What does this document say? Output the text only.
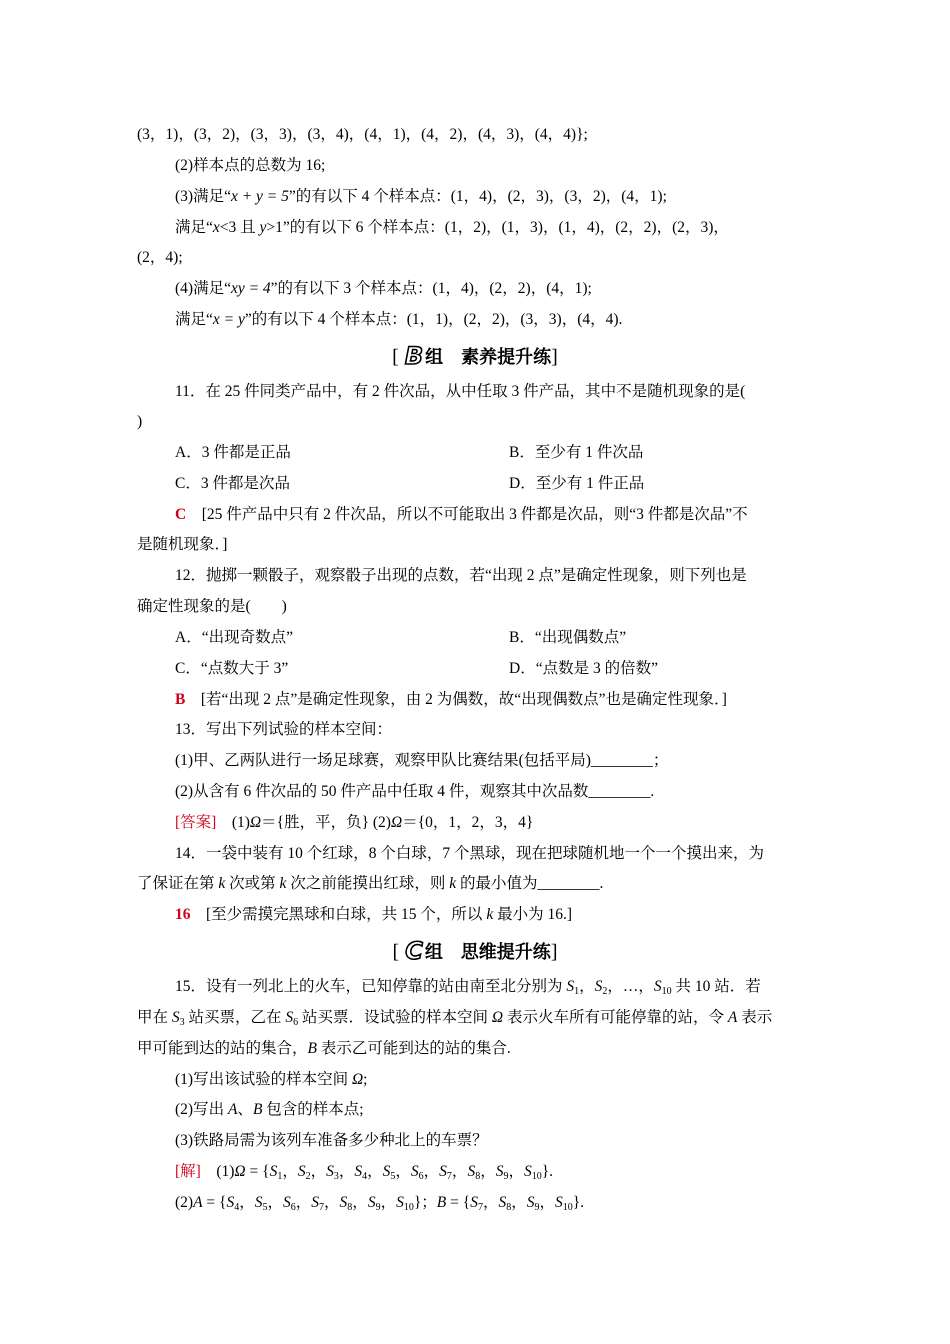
(3，1)，(3，2)，(3，3)，(3，4)，(4，1)，(4，2)，(4，3)，(4，4)};
(2)样本点的总数为 16;
(3)满足“x + y = 5”的有以下 4 个样本点：(1，4)，(2，3)，(3，2)，(4，1);
满足“x<3 且 y>1”的有以下 6 个样本点：(1，2)，(1，3)，(1，4)，(2，2)，(2，3)，
(2，4);
(4)满足“xy = 4”的有以下 3 个样本点：(1，4)，(2，2)，(4，1);
满足“x = y”的有以下 4 个样本点：(1，1)，(2，2)，(3，3)，(4，4).
[ B 组　素养提升练]
11．在 25 件同类产品中，有 2 件次品，从中任取 3 件产品，其中不是随机现象的是(
)
A．3 件都是正品	B．至少有 1 件次品
C．3 件都是次品	D．至少有 1 件正品
C　 [25 件产品中只有 2 件次品，所以不可能取出 3 件都是次品，则“3 件都是次品”不
是随机现象．]
12．抛掷一颗骰子，观察骰子出现的点数，若“出现 2 点”是确定性现象，则下列也是
确定性现象的是(　　)
A．“出现奇数点”	B．“出现偶数点”
C．“点数大于 3”	D．“点数是 3 的倍数”
B　 [若“出现 2 点”是确定性现象，由 2 为偶数，故“出现偶数点”也是确定性现象．]
13．写出下列试验的样本空间：
(1)甲、乙两队进行一场足球赛，观察甲队比赛结果(包括平局)________；
(2)从含有 6 件次品的 50 件产品中任取 4 件，观察其中次品数________.
[答案]　 (1)Ω＝{胜，平，负} (2)Ω＝{0，1，2，3，4}
14．一袋中装有 10 个红球，8 个白球，7 个黑球，现在把球随机地一个一个摸出来，为
了保证在第 k 次或第 k 次之前能摸出红球，则 k 的最小值为________.
16　 [至少需摸完黑球和白球，共 15 个，所以 k 最小为 16.]
[ C 组　思维提升练]
15．设有一列北上的火车，已知停靠的站由南至北分别为 $S_1$，$S_2$，…，$S_{10}$ 共 10 站．若
甲在 $S_3$ 站买票，乙在 $S_6$ 站买票．设试验的样本空间 Ω 表示火车所有可能停靠的站，令 A 表示
甲可能到达的站的集合，B 表示乙可能到达的站的集合.
(1)写出该试验的样本空间 Ω;
(2)写出 A、B 包含的样本点;
(3)铁路局需为该列车准备多少种北上的车票？
[解]　 $(1)\Omega = \{S_1$，$S_2$，$S_3$，$S_4$，$S_5$，$S_6$，$S_7$，$S_8$，$S_9$，$S_{10}$}.
$(2)A = \{S_4$，$S_5$，$S_6$，$S_7$，$S_8$，$S_9$，$S_{10}$}；$B = \{S_7$，$S_8$，$S_9$，$S_{10}$}.
